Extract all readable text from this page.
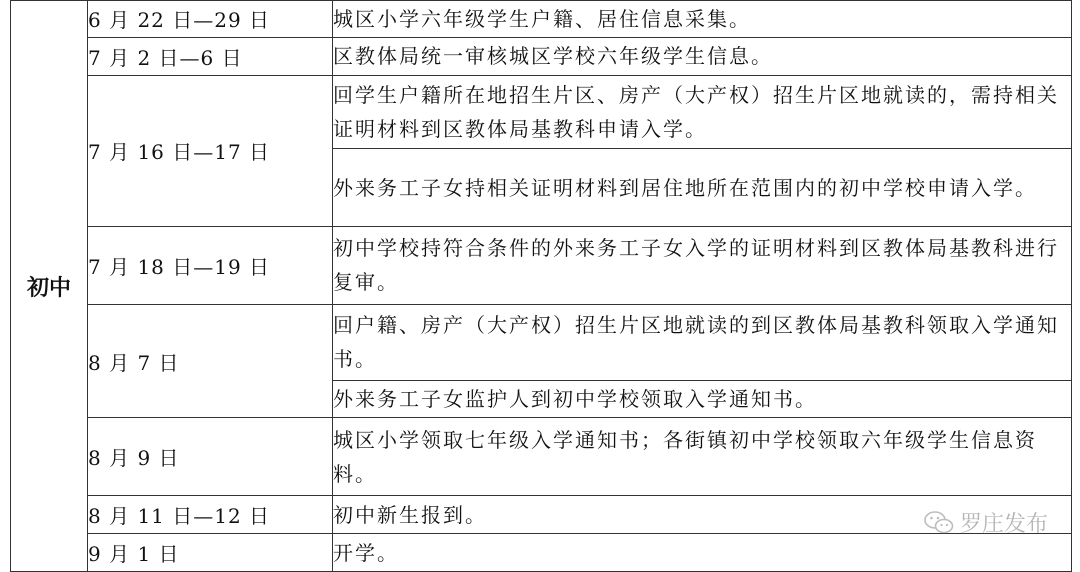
初中	6 月 22 日—29 日	城区小学六年级学生户籍、居住信息采集。
	7 月 2 日—6 日	区教体局统一审核城区学校六年级学生信息。
	7 月 16 日—17 日	回学生户籍所在地招生片区、房产（大产权）招生片区地就读的，需持相关证明材料到区教体局基教科申请入学。
		外来务工子女持相关证明材料到居住地所在范围内的初中学校申请入学。
	7 月 18 日—19 日	初中学校持符合条件的外来务工子女入学的证明材料到区教体局基教科进行复审。
	8 月 7 日	回户籍、房产（大产权）招生片区地就读的到区教体局基教科领取入学通知书。
		外来务工子女监护人到初中学校领取入学通知书。
	8 月 9 日	城区小学领取七年级入学通知书；各街镇初中学校领取六年级学生信息资料。
	8 月 11 日—12 日	初中新生报到。
	9 月 1 日	开学。
罗庄发布
